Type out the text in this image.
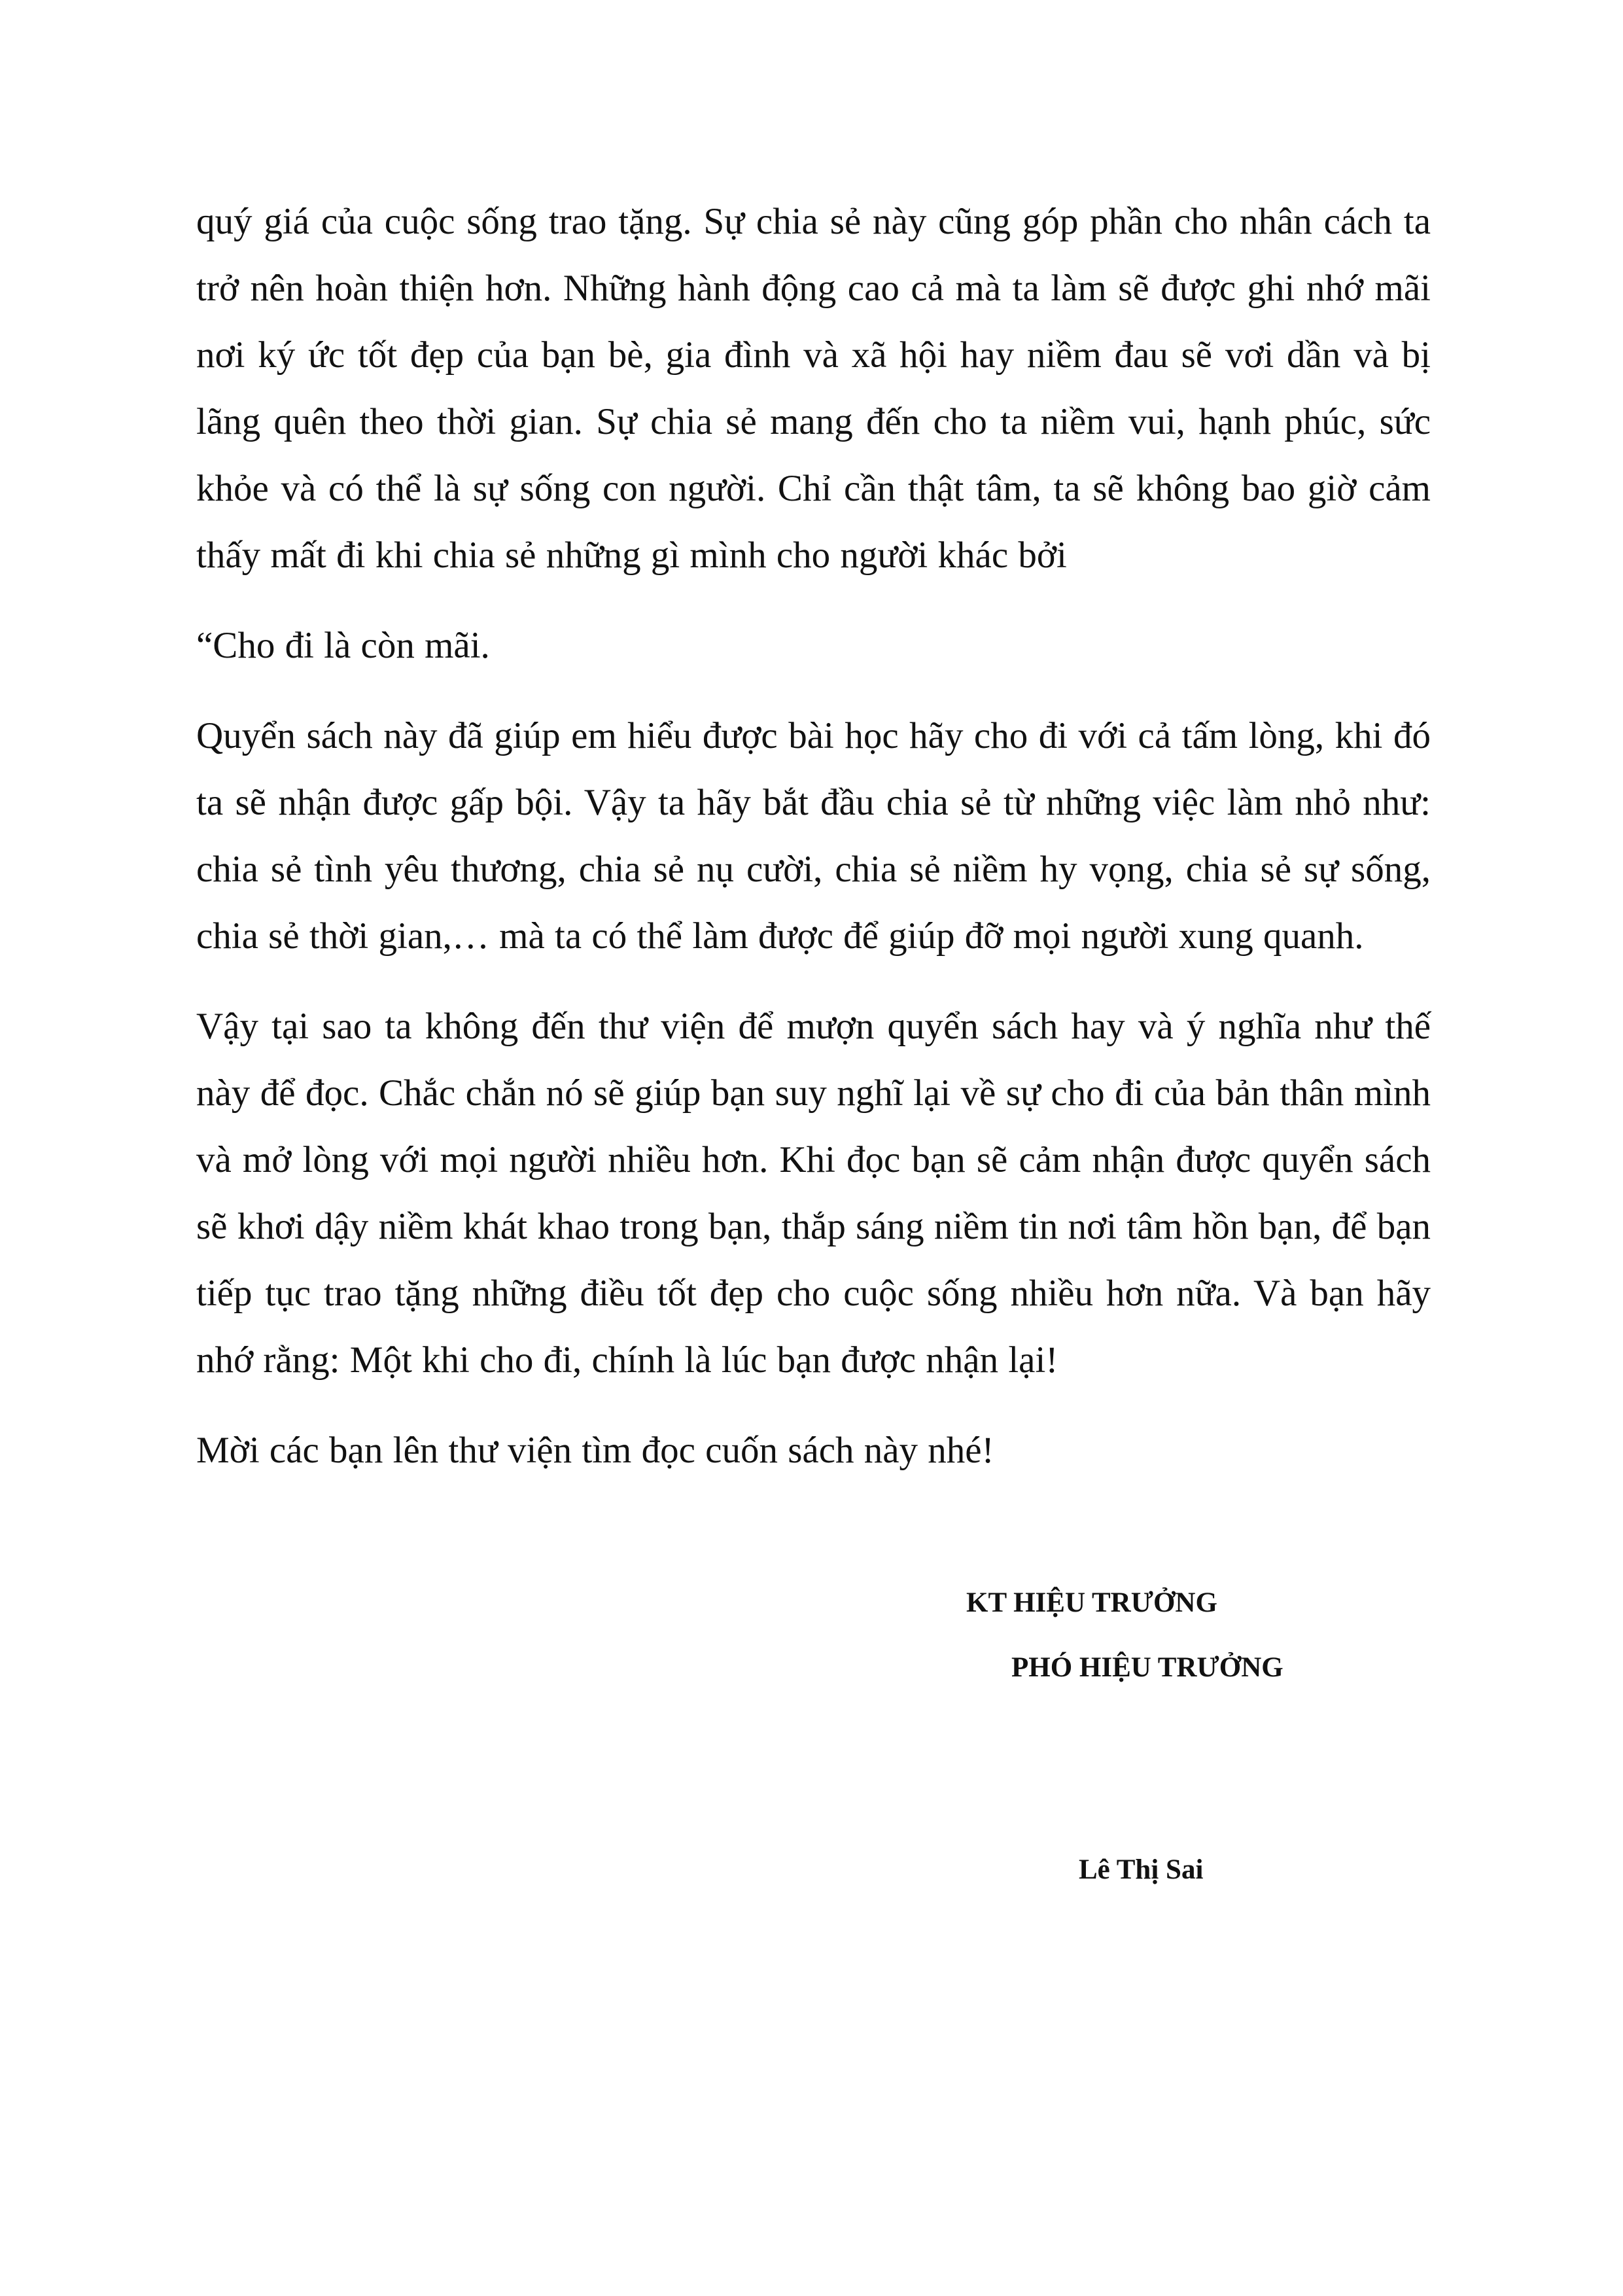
quý giá của cuộc sống trao tặng. Sự chia sẻ này cũng góp phần cho nhân cách ta trở nên hoàn thiện hơn. Những hành động cao cả mà ta làm sẽ được ghi nhớ mãi nơi ký ức tốt đẹp của bạn bè, gia đình và xã hội hay niềm đau sẽ vơi dần và bị lãng quên theo thời gian. Sự chia sẻ mang đến cho ta niềm vui, hạnh phúc, sức khỏe và có thể là sự sống con người. Chỉ cần thật tâm, ta sẽ không bao giờ cảm thấy mất đi khi chia sẻ những gì mình cho người khác bởi

“Cho đi là còn mãi.

Quyển sách này đã giúp em hiểu được bài học hãy cho đi với cả tấm lòng, khi đó ta sẽ nhận được gấp bội. Vậy ta hãy bắt đầu chia sẻ từ những việc làm nhỏ như: chia sẻ tình yêu thương, chia sẻ nụ cười, chia sẻ niềm hy vọng, chia sẻ sự sống, chia sẻ thời gian,… mà ta có thể làm được để giúp đỡ mọi người xung quanh.

Vậy tại sao ta không đến thư viện để mượn quyển sách hay và ý nghĩa như thế này để đọc. Chắc chắn nó sẽ giúp bạn suy nghĩ lại về sự cho đi của bản thân mình và mở lòng với mọi người nhiều hơn. Khi đọc bạn sẽ cảm nhận được quyển sách sẽ khơi dậy niềm khát khao trong bạn, thắp sáng niềm tin nơi tâm hồn bạn, để bạn tiếp tục trao tặng những điều tốt đẹp cho cuộc sống nhiều hơn nữa. Và bạn hãy nhớ rằng: Một khi cho đi, chính là lúc bạn được nhận lại!

Mời các bạn lên thư viện tìm đọc cuốn sách này nhé!

KT HIỆU TRƯỞNG
PHÓ HIỆU TRƯỞNG
Lê Thị Sai
